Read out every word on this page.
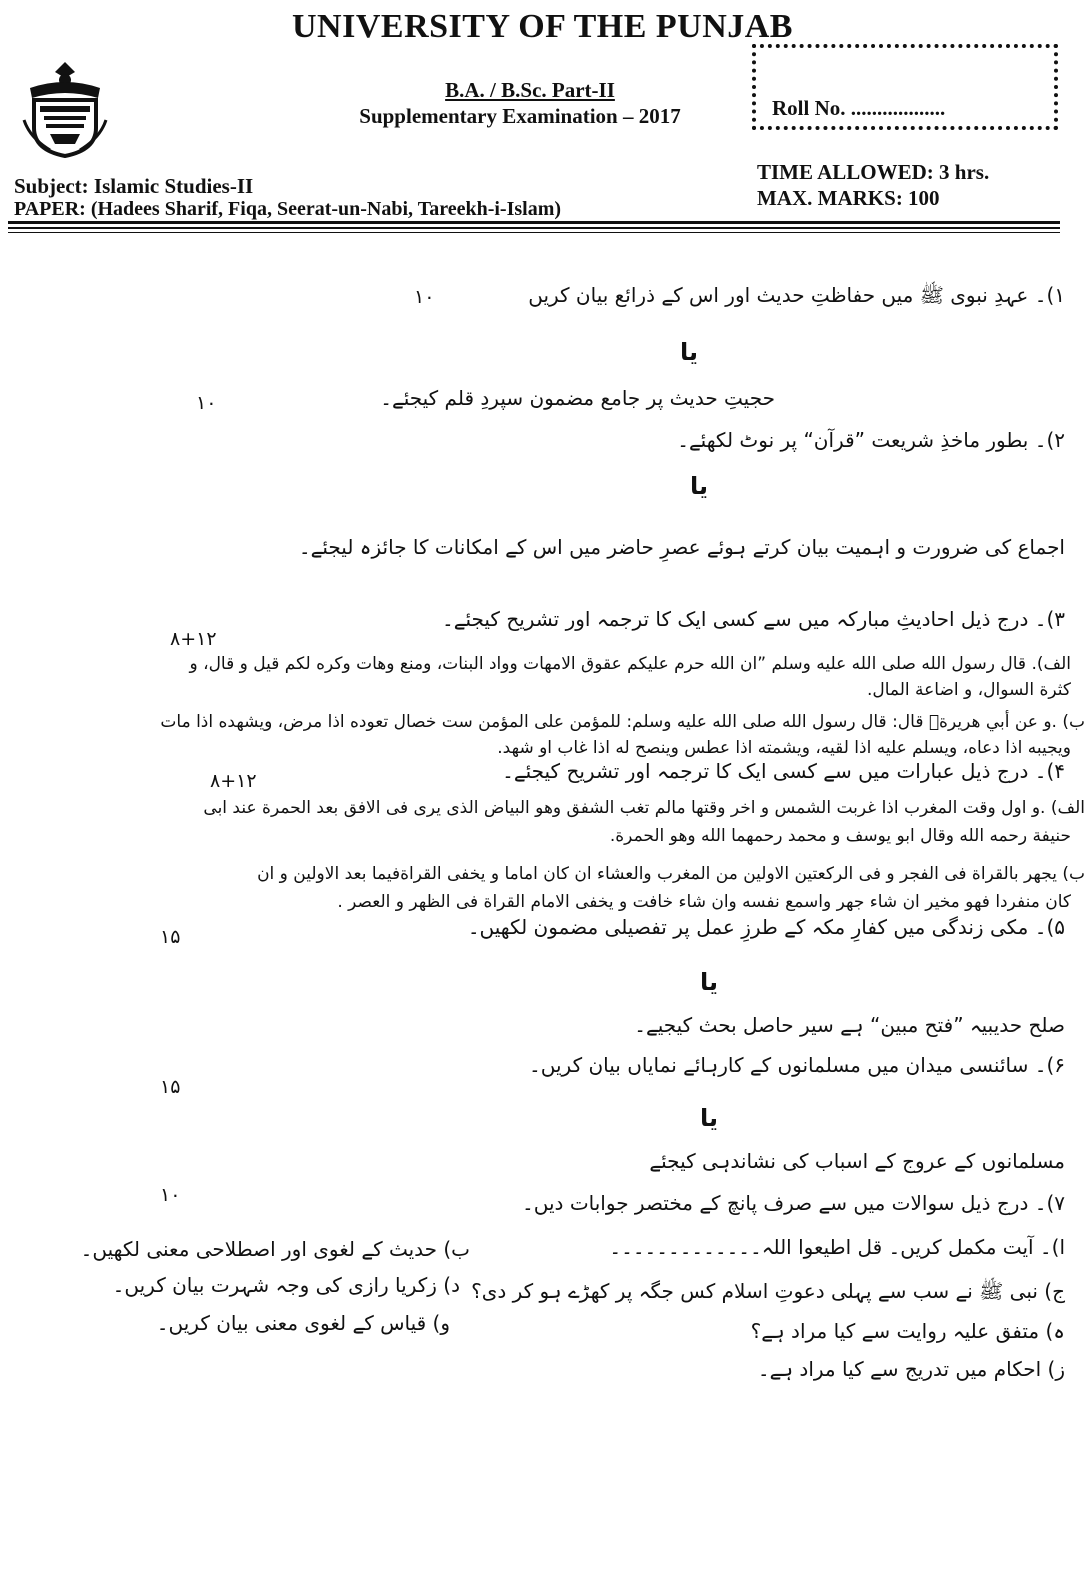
UNIVERSITY OF THE PUNJAB
B.A. / B.Sc. Part-II
Supplementary Examination – 2017	Roll No. ..................
TIME ALLOWED: 3 hrs.
MAX. MARKS: 100
Subject: Islamic Studies-II
PAPER: (Hadees Sharif, Fiqa, Seerat-un-Nabi, Tareekh-i-Islam)
۱)۔ عہدِ نبوی ﷺ میں حفاظتِ حدیث اور اس کے ذرائع بیان کریں
۱۰
یا
حجیتِ حدیث پر جامع مضمون سپردِ قلم کیجئے۔
۱۰
۲)۔ بطور ماخذِ شریعت ”قرآن“ پر نوٹ لکھئے۔
یا
اجماع کی ضرورت و اہمیت بیان کرتے ہوئے عصرِ حاضر میں اس کے امکانات کا جائزہ لیجئے۔
۳)۔ درج ذیل احادیثِ مبارکہ میں سے کسی ایک کا ترجمہ اور تشریح کیجئے۔
۸+۱۲
الف). قال رسول الله صلى الله عليه وسلم ”ان الله حرم عليكم عقوق الامهات وواد البنات، ومنع وهات وكره لكم قيل و قال، و
كثرة السوال، و اضاعة المال.
ب) .و عن أبي هريرةؓ قال: قال رسول الله صلى الله عليه وسلم: للمؤمن على المؤمن ست خصال تعوده اذا مرض، ويشهده اذا مات
ويجيبه اذا دعاه، ويسلم عليه اذا لقيه، ويشمته اذا عطس وينصح له اذا غاب او شهد.
۴)۔ درج ذیل عبارات میں سے کسی ایک کا ترجمہ اور تشریح کیجئے۔
۸+۱۲
الف) .و اول وقت المغرب اذا غربت الشمس و اخر وقتها مالم تغب الشفق وهو البياض الذى يرى فى الافق بعد الحمرة عند ابى
حنيفة رحمه الله وقال ابو يوسف و محمد رحمهما الله وهو الحمرة.
ب) يجهر بالقراة فى الفجر و فى الركعتين الاولين من المغرب والعشاء ان كان اماما و يخفى القراةفيما بعد الاولين و ان
كان منفردا فهو مخير ان شاء جهر واسمع نفسه وان شاء خافت و يخفى الامام القراة فى الظهر و العصر .
۵)۔ مکی زندگی میں کفارِ مکہ کے طرزِ عمل پر تفصیلی مضمون لکھیں۔
۱۵
یا
صلح حدیبیہ ”فتح مبین“ ہے سیر حاصل بحث کیجیے۔
۶)۔ سائنسی میدان میں مسلمانوں کے کارہائے نمایاں بیان کریں۔
۱۵
یا
مسلمانوں کے عروج کے اسباب کی نشاندہی کیجئے
۱۰	۷)۔ درج ذیل سوالات میں سے صرف پانچ کے مختصر جوابات دیں۔
ا)۔ آیت مکمل کریں۔ قل اطیعوا اللہ۔۔۔۔۔۔۔۔۔۔۔۔۔
ب) حدیث کے لغوی اور اصطلاحی معنی لکھیں۔
ج) نبی ﷺ نے سب سے پہلی دعوتِ اسلام کس جگہ پر کھڑے ہو کر دی؟
د) زکریا رازی کی وجہ شہرت بیان کریں۔
ہ) متفق علیہ روایت سے کیا مراد ہے؟
و) قیاس کے لغوی معنی بیان کریں۔
ز) احکام میں تدریج سے کیا مراد ہے۔
